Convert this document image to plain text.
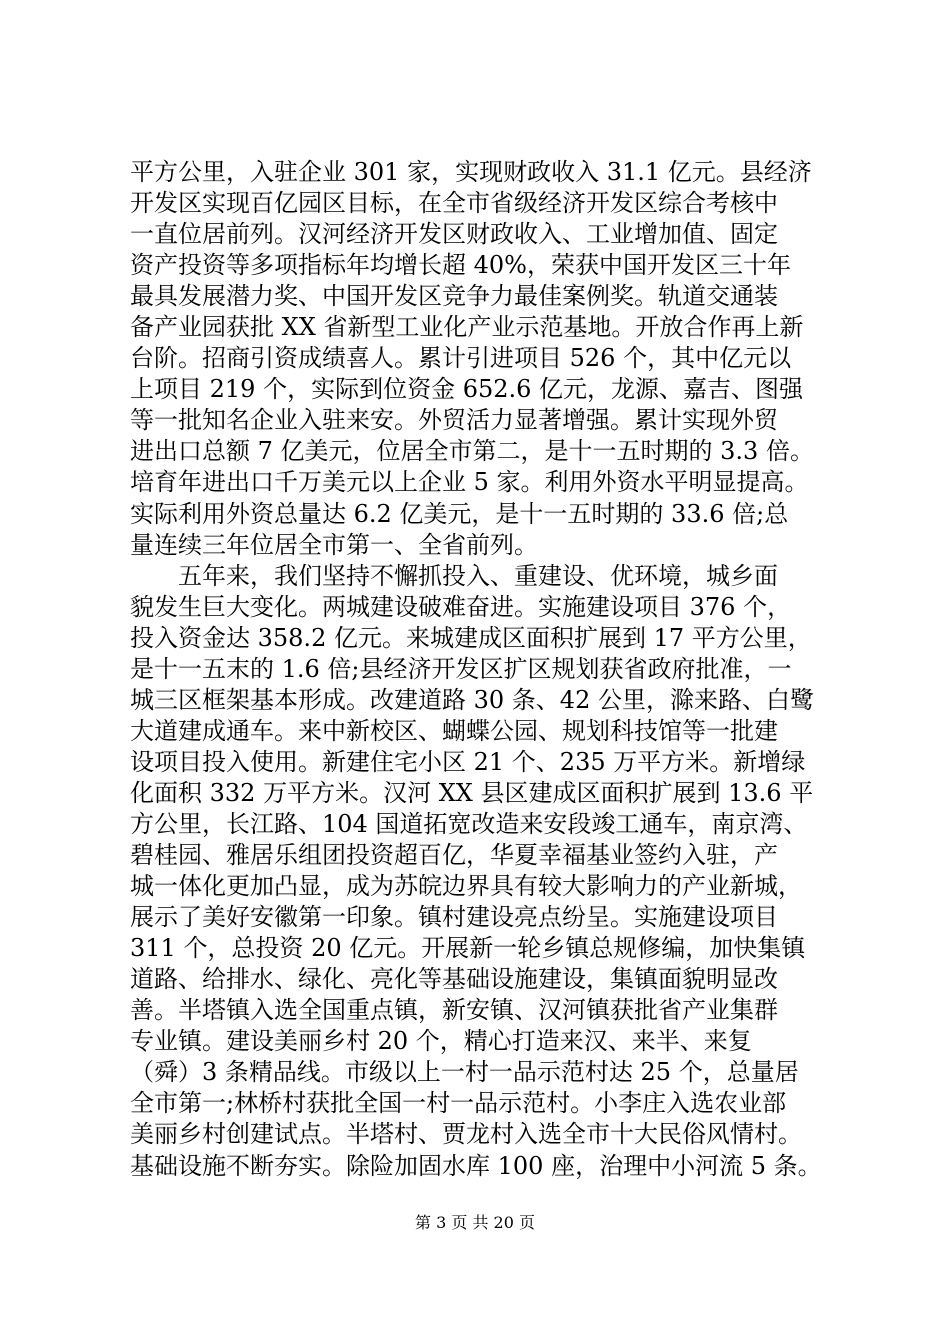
平方公里，入驻企业 301 家，实现财政收入 31.1 亿元。县经济
开发区实现百亿园区目标，在全市省级经济开发区综合考核中
一直位居前列。汉河经济开发区财政收入、工业增加值、固定
资产投资等多项指标年均增长超 40%，荣获中国开发区三十年
最具发展潜力奖、中国开发区竞争力最佳案例奖。轨道交通装
备产业园获批 XX 省新型工业化产业示范基地。开放合作再上新
台阶。招商引资成绩喜人。累计引进项目 526 个，其中亿元以
上项目 219 个，实际到位资金 652.6 亿元，龙源、嘉吉、图强
等一批知名企业入驻来安。外贸活力显著增强。累计实现外贸
进出口总额 7 亿美元，位居全市第二，是十一五时期的 3.3 倍。
培育年进出口千万美元以上企业 5 家。利用外资水平明显提高。
实际利用外资总量达 6.2 亿美元，是十一五时期的 33.6 倍;总
量连续三年位居全市第一、全省前列。
　　五年来，我们坚持不懈抓投入、重建设、优环境，城乡面
貌发生巨大变化。两城建设破难奋进。实施建设项目 376 个，
投入资金达 358.2 亿元。来城建成区面积扩展到 17 平方公里，
是十一五末的 1.6 倍;县经济开发区扩区规划获省政府批准，一
城三区框架基本形成。改建道路 30 条、42 公里，滁来路、白鹭
大道建成通车。来中新校区、蝴蝶公园、规划科技馆等一批建
设项目投入使用。新建住宅小区 21 个、235 万平方米。新增绿
化面积 332 万平方米。汉河 XX 县区建成区面积扩展到 13.6 平
方公里，长江路、104 国道拓宽改造来安段竣工通车，南京湾、
碧桂园、雅居乐组团投资超百亿，华夏幸福基业签约入驻，产
城一体化更加凸显，成为苏皖边界具有较大影响力的产业新城，
展示了美好安徽第一印象。镇村建设亮点纷呈。实施建设项目
311 个，总投资 20 亿元。开展新一轮乡镇总规修编，加快集镇
道路、给排水、绿化、亮化等基础设施建设，集镇面貌明显改
善。半塔镇入选全国重点镇，新安镇、汉河镇获批省产业集群
专业镇。建设美丽乡村 20 个，精心打造来汉、来半、来复
（舜）3 条精品线。市级以上一村一品示范村达 25 个，总量居
全市第一;林桥村获批全国一村一品示范村。小李庄入选农业部
美丽乡村创建试点。半塔村、贾龙村入选全市十大民俗风情村。
基础设施不断夯实。除险加固水库 100 座，治理中小河流 5 条。
第 3 页 共 20 页
